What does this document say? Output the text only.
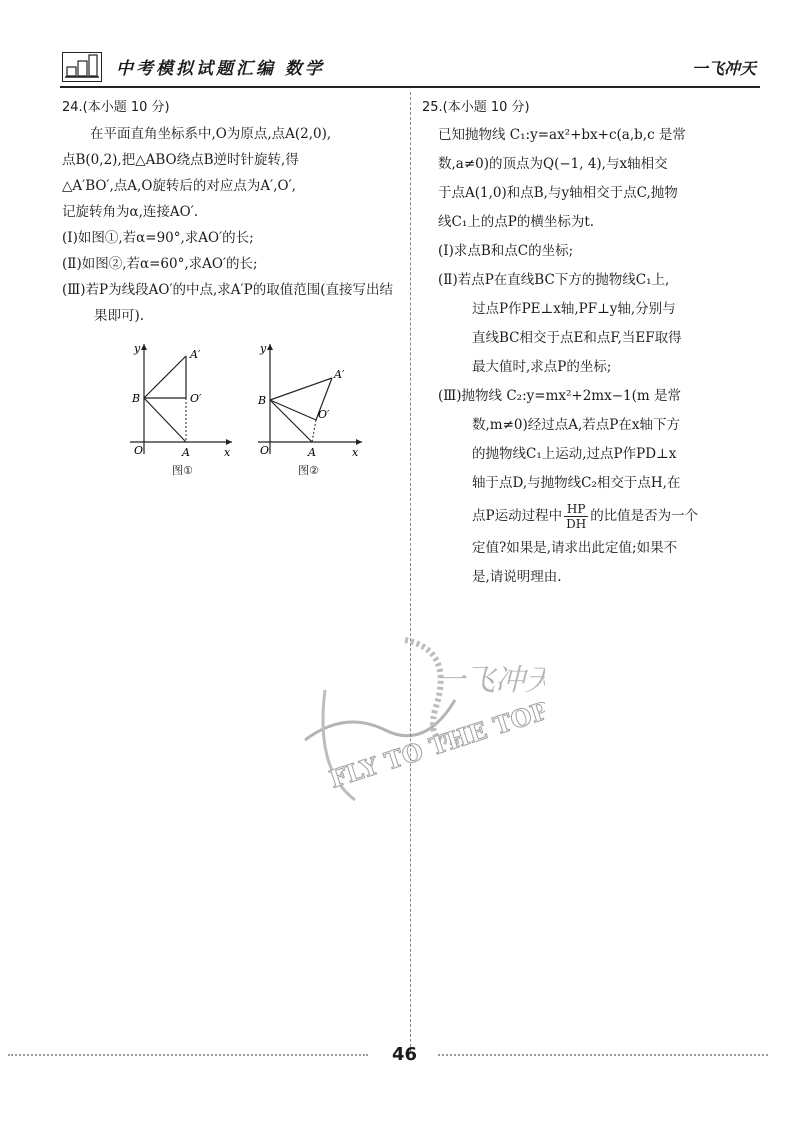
中考模拟试题汇编 数学	一飞冲天
24.(本小题 10 分)

在平面直角坐标系中,O为原点,点A(2,0),

点B(0,2),把△ABO绕点B逆时针旋转,得

△A′BO′,点A,O旋转后的对应点为A′,O′,

记旋转角为α,连接AO′.

(Ⅰ)如图①,若α=90°,求AO′的长;

(Ⅱ)如图②,若α=60°,求AO′的长;

(Ⅲ)若P为线段AO′的中点,求A′P的取值范围(直接写出结果即可).

y
x
O	A
B
A′
O′
图①
y
x
O	A
B
A′
O′
图②
25.(本小题 10 分)

已知抛物线 C₁:y=ax²+bx+c(a,b,c 是常

数,a≠0)的顶点为Q(−1, 4),与x轴相交

于点A(1,0)和点B,与y轴相交于点C,抛物

线C₁上的点P的横坐标为t.

(Ⅰ)求点B和点C的坐标;

(Ⅱ)若点P在直线BC下方的抛物线C₁上,

过点P作PE⊥x轴,PF⊥y轴,分别与

直线BC相交于点E和点F,当EF取得

最大值时,求点P的坐标;

(Ⅲ)抛物线 C₂:y=mx²+2mx−1(m 是常

数,m≠0)经过点A,若点P在x轴下方

的抛物线C₁上运动,过点P作PD⊥x

轴于点D,与抛物线C₂相交于点H,在

点P运动过程中 $\frac{HP}{DH}$ 的比值是否为一个

定值?如果是,请求出此定值;如果不

是,请说明理由.

一飞冲天
FLY TO THE TOP
46
